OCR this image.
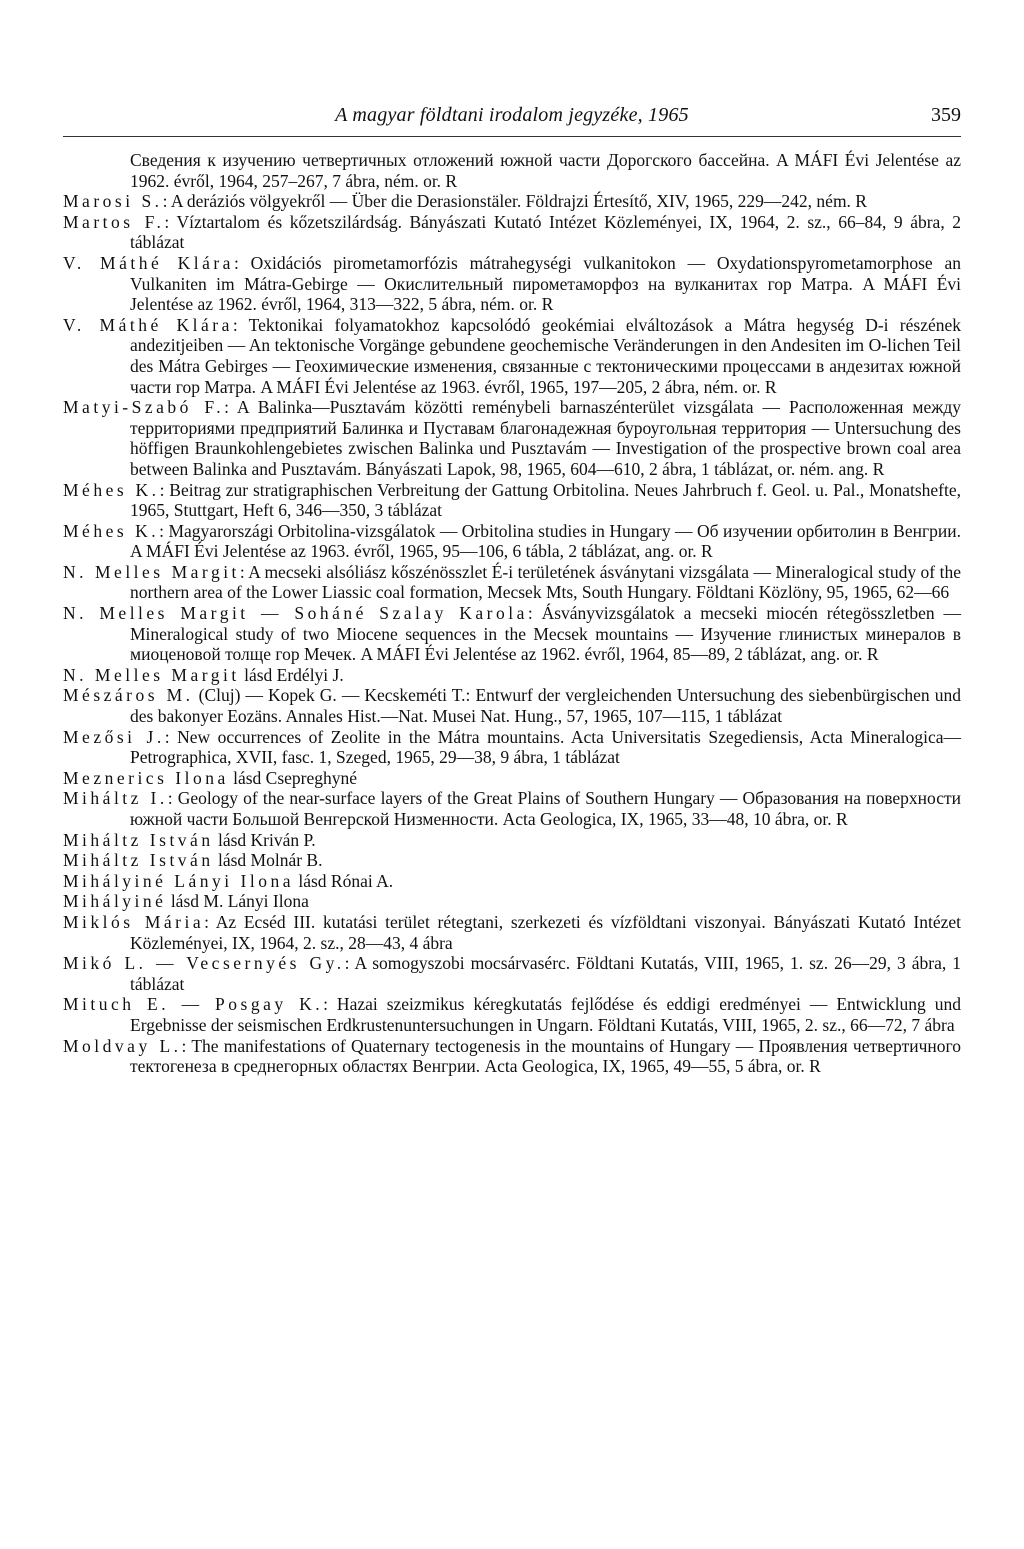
A magyar földtani irodalom jegyzéke, 1965	359

Сведения к изучению четвертичных отложений южной части Дорогского бассейна. A MÁFI Évi Jelentése az 1962. évről, 1964, 257–267, 7 ábra, ném. or. R

Marosi S.: A deráziós völgyekről — Über die Derasionstäler. Földrajzi Értesítő, XIV, 1965, 229—242, ném. R

Martos F.: Víztartalom és kőzetszilárdság. Bányászati Kutató Intézet Közleményei, IX, 1964, 2. sz., 66–84, 9 ábra, 2 táblázat

V. Máthé Klára: Oxidációs pirometamorfózis mátrahegységi vulkanitokon — Oxydationspyrometamorphose an Vulkaniten im Mátra-Gebirge — Окислительный пирометаморфоз на вулканитах гор Матра. A MÁFI Évi Jelentése az 1962. évről, 1964, 313—322, 5 ábra, ném. or. R

V. Máthé Klára: Tektonikai folyamatokhoz kapcsolódó geokémiai elváltozások a Mátra hegység D-i részének andezitjeiben — An tektonische Vorgänge gebundene geochemische Veränderungen in den Andesiten im O-lichen Teil des Mátra Gebirges — Геохимические изменения, связанные с тектоническими процессами в андезитах южной части гор Матра. A MÁFI Évi Jelentése az 1963. évről, 1965, 197—205, 2 ábra, ném. or. R

Matyi-Szabó F.: A Balinka—Pusztavám közötti reménybeli barnaszénterület vizsgálata — Расположенная между территориями предприятий Балинка и Пуставам благонадежная буроугольная территория — Untersuchung des höffigen Braunkohlengebietes zwischen Balinka und Pusztavám — Investigation of the prospective brown coal area between Balinka and Pusztavám. Bányászati Lapok, 98, 1965, 604—610, 2 ábra, 1 táblázat, or. ném. ang. R

Méhes K.: Beitrag zur stratigraphischen Verbreitung der Gattung Orbitolina. Neues Jahrbruch f. Geol. u. Pal., Monatshefte, 1965, Stuttgart, Heft 6, 346—350, 3 táblázat

Méhes K.: Magyarországi Orbitolina-vizsgálatok — Orbitolina studies in Hungary — Об изучении орбитолин в Венгрии. A MÁFI Évi Jelentése az 1963. évről, 1965, 95—106, 6 tábla, 2 táblázat, ang. or. R

N. Melles Margit: A mecseki alsóliász kőszénösszlet É-i területének ásványtani vizsgálata — Mineralogical study of the northern area of the Lower Liassic coal formation, Mecsek Mts, South Hungary. Földtani Közlöny, 95, 1965, 62—66

N. Melles Margit — Soháné Szalay Karola: Ásványvizsgálatok a mecseki miocén rétegösszletben — Mineralogical study of two Miocene sequences in the Mecsek mountains — Изучение глинистых минералов в миоценовой толще гор Мечек. A MÁFI Évi Jelentése az 1962. évről, 1964, 85—89, 2 táblázat, ang. or. R

N. Melles Margit lásd Erdélyi J.

Mészáros M. (Cluj) — Kopek G. — Kecskeméti T.: Entwurf der vergleichenden Untersuchung des siebenbürgischen und des bakonyer Eozäns. Annales Hist.—Nat. Musei Nat. Hung., 57, 1965, 107—115, 1 táblázat

Mezősi J.: New occurrences of Zeolite in the Mátra mountains. Acta Universitatis Szegediensis, Acta Mineralogica—Petrographica, XVII, fasc. 1, Szeged, 1965, 29—38, 9 ábra, 1 táblázat

Meznerics Ilona lásd Csepreghyné

Miháltz I.: Geology of the near-surface layers of the Great Plains of Southern Hungary — Образования на поверхности южной части Большой Венгерской Низменности. Acta Geologica, IX, 1965, 33—48, 10 ábra, or. R

Miháltz István lásd Kriván P.

Miháltz István lásd Molnár B.

Mihályiné Lányi Ilona lásd Rónai A.

Mihályiné lásd M. Lányi Ilona

Miklós Mária: Az Ecséd III. kutatási terület rétegtani, szerkezeti és vízföldtani viszonyai. Bányászati Kutató Intézet Közleményei, IX, 1964, 2. sz., 28—43, 4 ábra

Mikó L. — Vecsernyés Gy.: A somogyszobi mocsárvasérc. Földtani Kutatás, VIII, 1965, 1. sz. 26—29, 3 ábra, 1 táblázat

Mituch E. — Posgay K.: Hazai szeizmikus kéregkutatás fejlődése és eddigi eredményei — Entwicklung und Ergebnisse der seismischen Erdkrustenuntersuchungen in Ungarn. Földtani Kutatás, VIII, 1965, 2. sz., 66—72, 7 ábra

Moldvay L.: The manifestations of Quaternary tectogenesis in the mountains of Hungary — Проявления четвертичного тектогенеза в среднегорных областях Венгрии. Acta Geologica, IX, 1965, 49—55, 5 ábra, or. R
